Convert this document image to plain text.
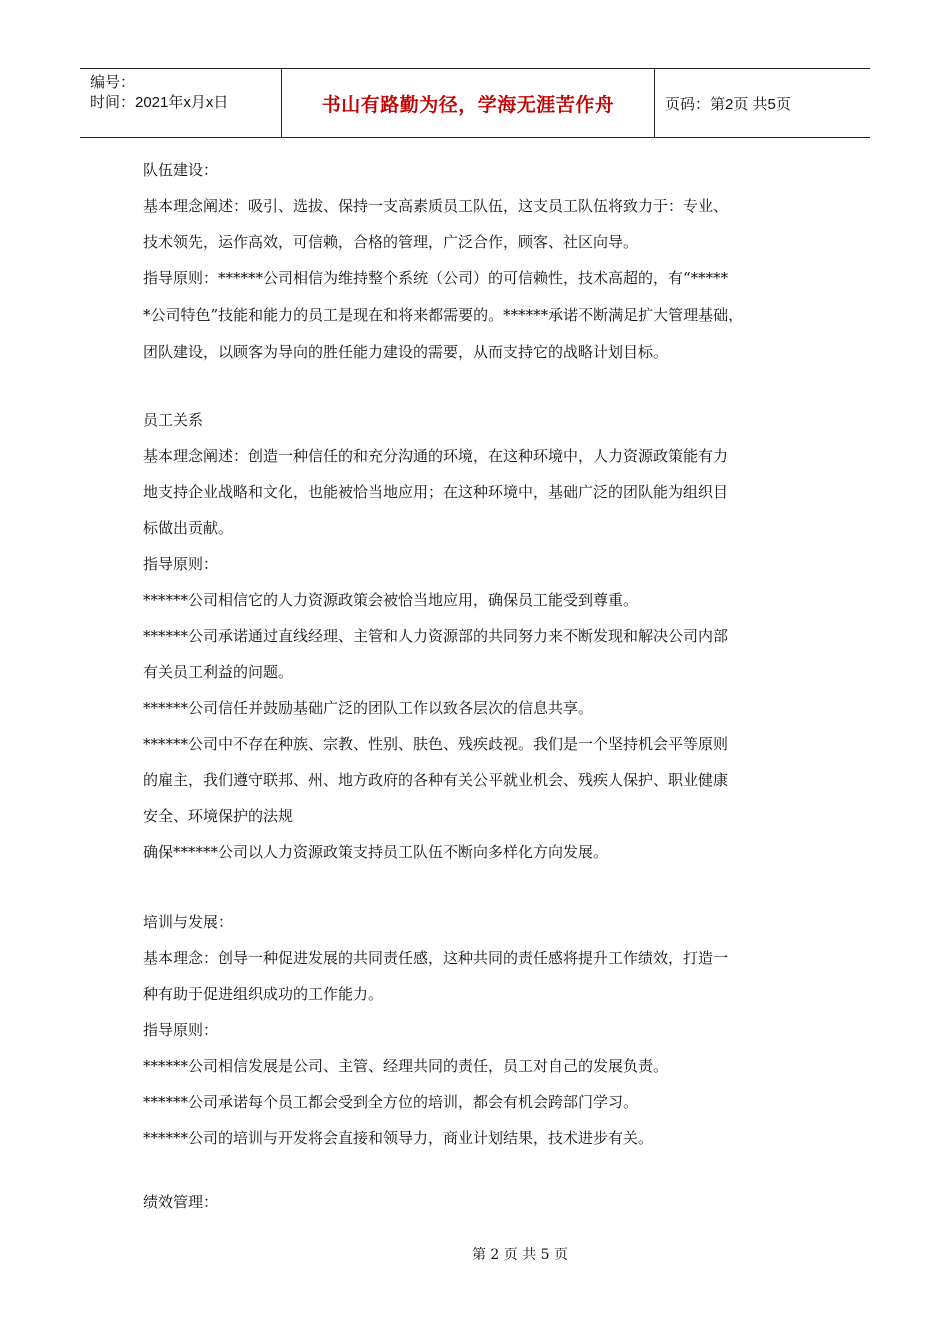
编号：
时间：2021年x月x日	书山有路勤为径，学海无涯苦作舟	页码：第2页 共5页
队伍建设：
基本理念阐述：吸引、选拔、保持一支高素质员工队伍，这支员工队伍将致力于：专业、
技术领先，运作高效，可信赖，合格的管理，广泛合作，顾客、社区向导。
指导原则：******公司相信为维持整个系统（公司）的可信赖性，技术高超的，有“*****
*公司特色”技能和能力的员工是现在和将来都需要的。******承诺不断满足扩大管理基础，
团队建设，以顾客为导向的胜任能力建设的需要，从而支持它的战略计划目标。
员工关系
基本理念阐述：创造一种信任的和充分沟通的环境，在这种环境中，人力资源政策能有力
地支持企业战略和文化，也能被恰当地应用；在这种环境中，基础广泛的团队能为组织目
标做出贡献。
指导原则：
******公司相信它的人力资源政策会被恰当地应用，确保员工能受到尊重。
******公司承诺通过直线经理、主管和人力资源部的共同努力来不断发现和解决公司内部
有关员工利益的问题。
******公司信任并鼓励基础广泛的团队工作以致各层次的信息共享。
******公司中不存在种族、宗教、性别、肤色、残疾歧视。我们是一个坚持机会平等原则
的雇主，我们遵守联邦、州、地方政府的各种有关公平就业机会、残疾人保护、职业健康
安全、环境保护的法规
确保******公司以人力资源政策支持员工队伍不断向多样化方向发展。
培训与发展：
基本理念：创导一种促进发展的共同责任感，这种共同的责任感将提升工作绩效，打造一
种有助于促进组织成功的工作能力。
指导原则：
******公司相信发展是公司、主管、经理共同的责任，员工对自己的发展负责。
******公司承诺每个员工都会受到全方位的培训，都会有机会跨部门学习。
******公司的培训与开发将会直接和领导力，商业计划结果，技术进步有关。
绩效管理：
第 2 页 共 5 页
